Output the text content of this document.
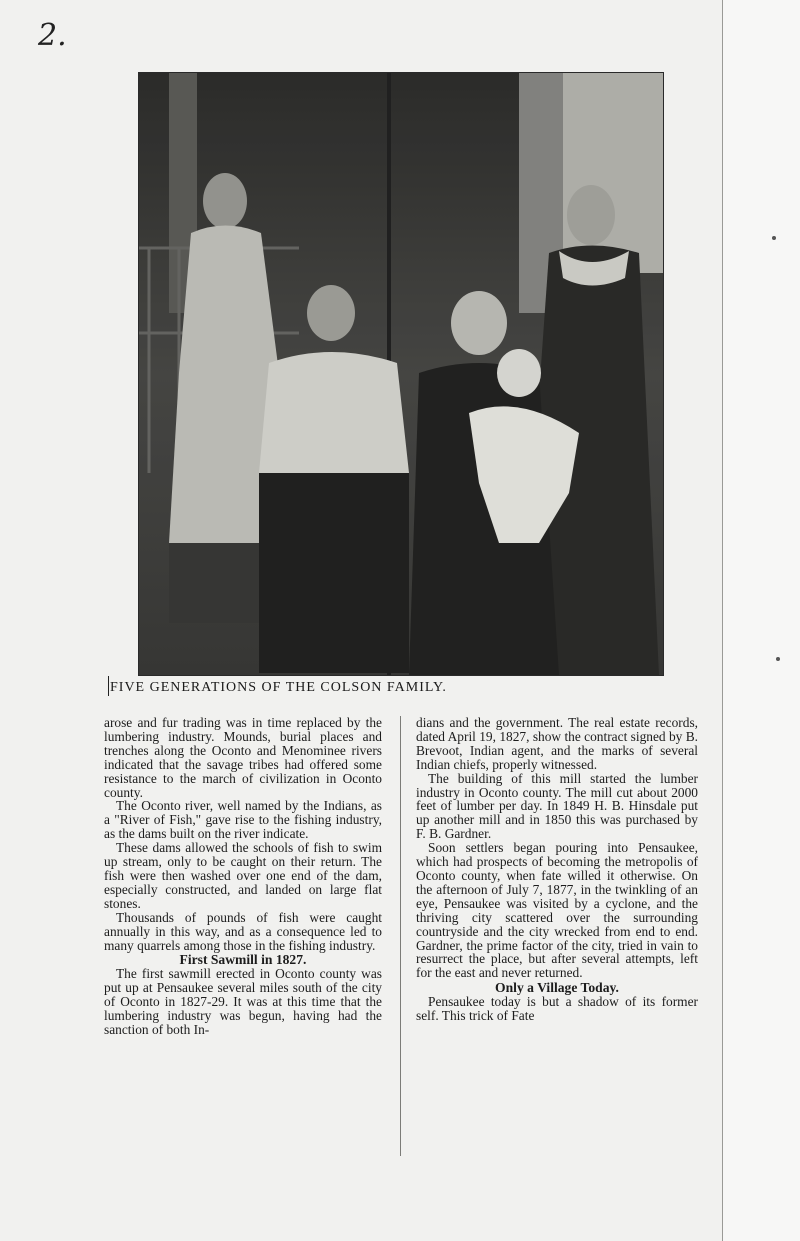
2.
FIVE GENERATIONS OF THE COLSON FAMILY.

arose and fur trading was in time replaced by the lumbering industry. Mounds, burial places and trenches along the Oconto and Menominee rivers indicated that the savage tribes had offered some resistance to the march of civilization in Oconto county.

The Oconto river, well named by the Indians, as a "River of Fish," gave rise to the fishing industry, as the dams built on the river indicate.

These dams allowed the schools of fish to swim up stream, only to be caught on their return. The fish were then washed over one end of the dam, especially constructed, and landed on large flat stones.

Thousands of pounds of fish were caught annually in this way, and as a consequence led to many quarrels among those in the fishing industry.

First Sawmill in 1827.

The first sawmill erected in Oconto county was put up at Pensaukee several miles south of the city of Oconto in 1827-29. It was at this time that the lumbering industry was begun, having had the sanction of both In-

dians and the government. The real estate records, dated April 19, 1827, show the contract signed by B. Brevoot, Indian agent, and the marks of several Indian chiefs, properly witnessed.

The building of this mill started the lumber industry in Oconto county. The mill cut about 2000 feet of lumber per day. In 1849 H. B. Hinsdale put up another mill and in 1850 this was purchased by F. B. Gardner.

Soon settlers began pouring into Pensaukee, which had prospects of becoming the metropolis of Oconto county, when fate willed it otherwise. On the afternoon of July 7, 1877, in the twinkling of an eye, Pensaukee was visited by a cyclone, and the thriving city scattered over the surrounding countryside and the city wrecked from end to end. Gardner, the prime factor of the city, tried in vain to resurrect the place, but after several attempts, left for the east and never returned.

Only a Village Today.

Pensaukee today is but a shadow of its former self. This trick of Fate
